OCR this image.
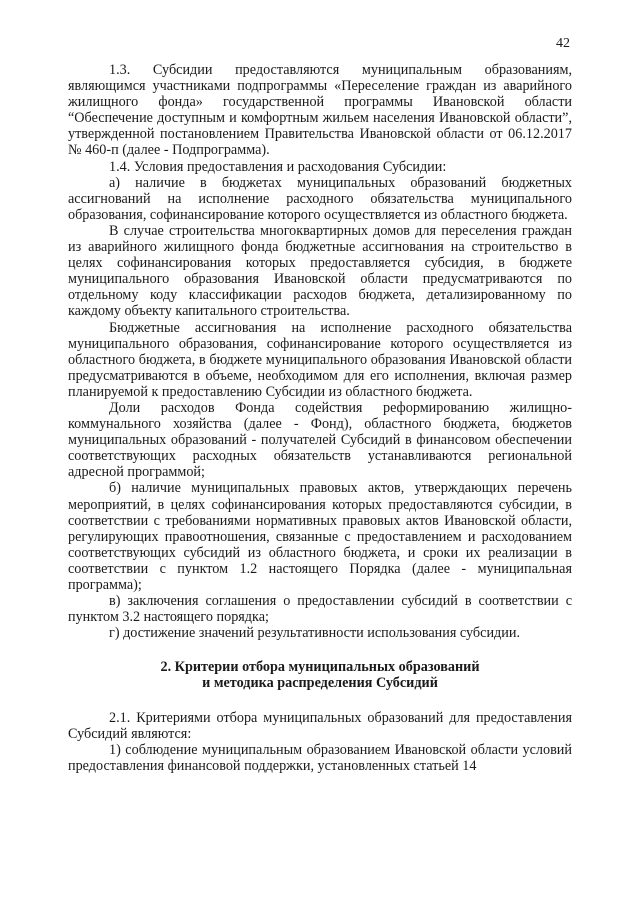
42

1.3. Субсидии предоставляются муниципальным образованиям, являющимся участниками подпрограммы «Переселение граждан из аварийного жилищного фонда» государственной программы Ивановской области “Обеспечение доступным и комфортным жильем населения Ивановской области”, утвержденной постановлением Правительства Ивановской области от 06.12.2017 № 460-п (далее - Подпрограмма).

1.4. Условия предоставления и расходования Субсидии:

а) наличие в бюджетах муниципальных образований бюджетных ассигнований на исполнение расходного обязательства муниципального образования, софинансирование которого осуществляется из областного бюджета.

В случае строительства многоквартирных домов для переселения граждан из аварийного жилищного фонда бюджетные ассигнования на строительство в целях софинансирования которых предоставляется субсидия, в бюджете муниципального образования Ивановской области предусматриваются по отдельному коду классификации расходов бюджета, детализированному по каждому объекту капитального строительства.

Бюджетные ассигнования на исполнение расходного обязательства муниципального образования, софинансирование которого осуществляется из областного бюджета, в бюджете муниципального образования Ивановской области предусматриваются в объеме, необходимом для его исполнения, включая размер планируемой к предоставлению Субсидии из областного бюджета.

Доли расходов Фонда содействия реформированию жилищно-коммунального хозяйства (далее - Фонд), областного бюджета, бюджетов муниципальных образований - получателей Субсидий в финансовом обеспечении соответствующих расходных обязательств устанавливаются региональной адресной программой;

б) наличие муниципальных правовых актов, утверждающих перечень мероприятий, в целях софинансирования которых предоставляются субсидии, в соответствии с требованиями нормативных правовых актов Ивановской области, регулирующих правоотношения, связанные с предоставлением и расходованием соответствующих субсидий из областного бюджета, и сроки их реализации в соответствии с пунктом 1.2 настоящего Порядка (далее - муниципальная программа);

в) заключения соглашения о предоставлении субсидий в соответствии с пунктом 3.2 настоящего порядка;

г) достижение значений результативности использования субсидии.

2. Критерии отбора муниципальных образований

и методика распределения Субсидий

2.1. Критериями отбора муниципальных образований для предоставления Субсидий являются:

1) соблюдение муниципальным образованием Ивановской области условий предоставления финансовой поддержки, установленных статьей 14
